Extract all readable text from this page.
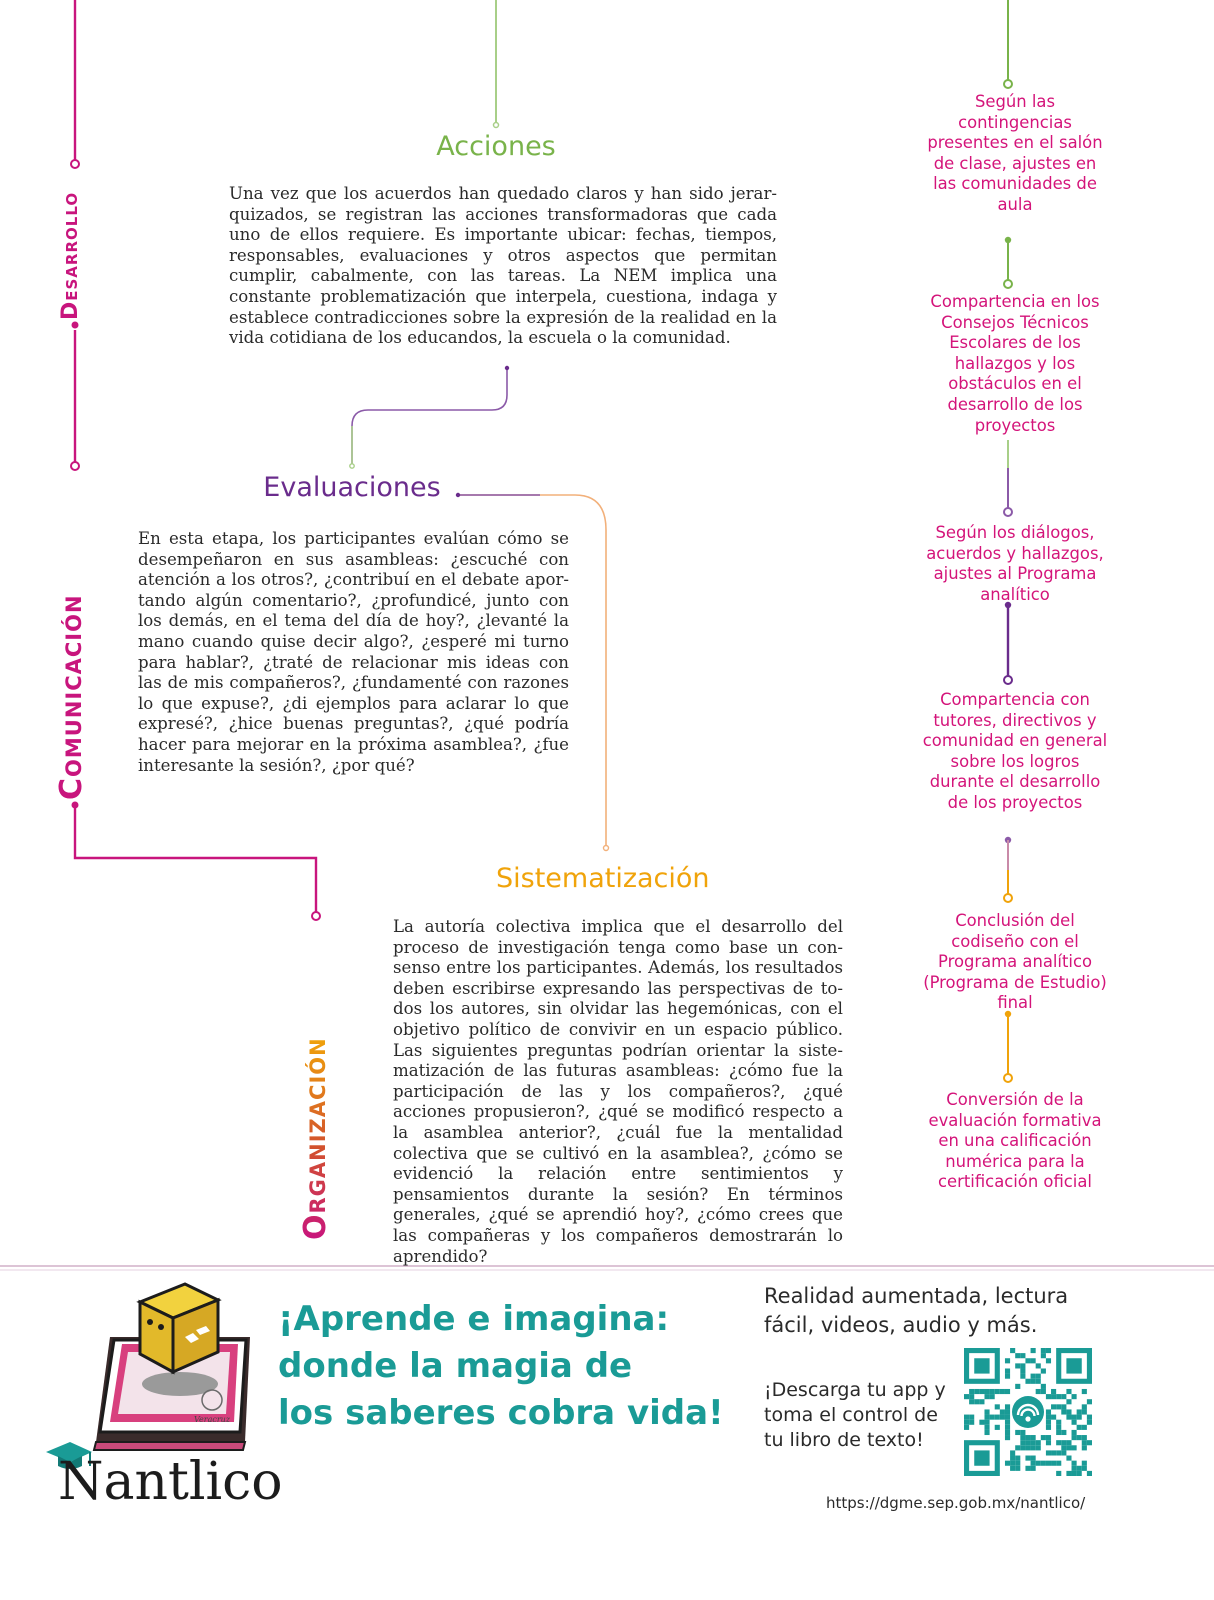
Desarrollo
Comunicación
Organización
Acciones
Una vez que los acuerdos han quedado claros y han sido jerarquizados, se registran las acciones transformadoras que cada uno de ellos requiere. Es importante ubicar: fechas, tiempos, responsables, evaluaciones y otros aspectos que permitan cumplir, cabalmente, con las tareas. La NEM implica una constante problematización que interpela, cuestiona, indaga y establece contradicciones sobre la expresión de la realidad en la vida cotidiana de los educandos, la escuela o la comunidad.
Evaluaciones
En esta etapa, los participantes evalúan cómo se desempeñaron en sus asambleas: ¿escuché con atención a los otros?, ¿contribuí en el debate aportando algún comentario?, ¿profundicé, junto con los demás, en el tema del día de hoy?, ¿levanté la mano cuando quise decir algo?, ¿esperé mi turno para hablar?, ¿traté de relacionar mis ideas con las de mis compañeros?, ¿fundamenté con razones lo que expuse?, ¿di ejemplos para aclarar lo que expresé?, ¿hice buenas preguntas?, ¿qué podría hacer para mejorar en la próxima asamblea?, ¿fue interesante la sesión?, ¿por qué?
Sistematización
La autoría colectiva implica que el desarrollo del proceso de investigación tenga como base un consenso entre los participantes. Además, los resultados deben escribirse expresando las perspectivas de todos los autores, sin olvidar las hegemónicas, con el objetivo político de convivir en un espacio público. Las siguientes preguntas podrían orientar la sistematización de las futuras asambleas: ¿cómo fue la participación de las y los compañeros?, ¿qué acciones propusieron?, ¿qué se modificó respecto a la asamblea anterior?, ¿cuál fue la mentalidad colectiva que se cultivó en la asamblea?, ¿cómo se evidenció la relación entre sentimientos y pensamientos durante la sesión? En términos generales, ¿qué se aprendió hoy?, ¿cómo crees que las compañeras y los compañeros demostrarán lo aprendido?
Según las contingencias presentes en el salón de clase, ajustes en las comunidades de aula
Compartencia en los Consejos Técnicos Escolares de los hallazgos y los obstáculos en el desarrollo de los proyectos
Según los diálogos, acuerdos y hallazgos, ajustes al Programa analítico
Compartencia con tutores, directivos y comunidad en general sobre los logros durante el desarrollo de los proyectos
Conclusión del codiseño con el Programa analítico (Programa de Estudio) final
Conversión de la evaluación formativa en una calificación numérica para la certificación oficial
Veracruz
Nantlico
¡Aprende e imagina:
donde la magia de
los saberes cobra vida!
Realidad aumentada, lectura
fácil, videos, audio y más.
¡Descarga tu app y
toma el control de
tu libro de texto!
https://dgme.sep.gob.mx/nantlico/
